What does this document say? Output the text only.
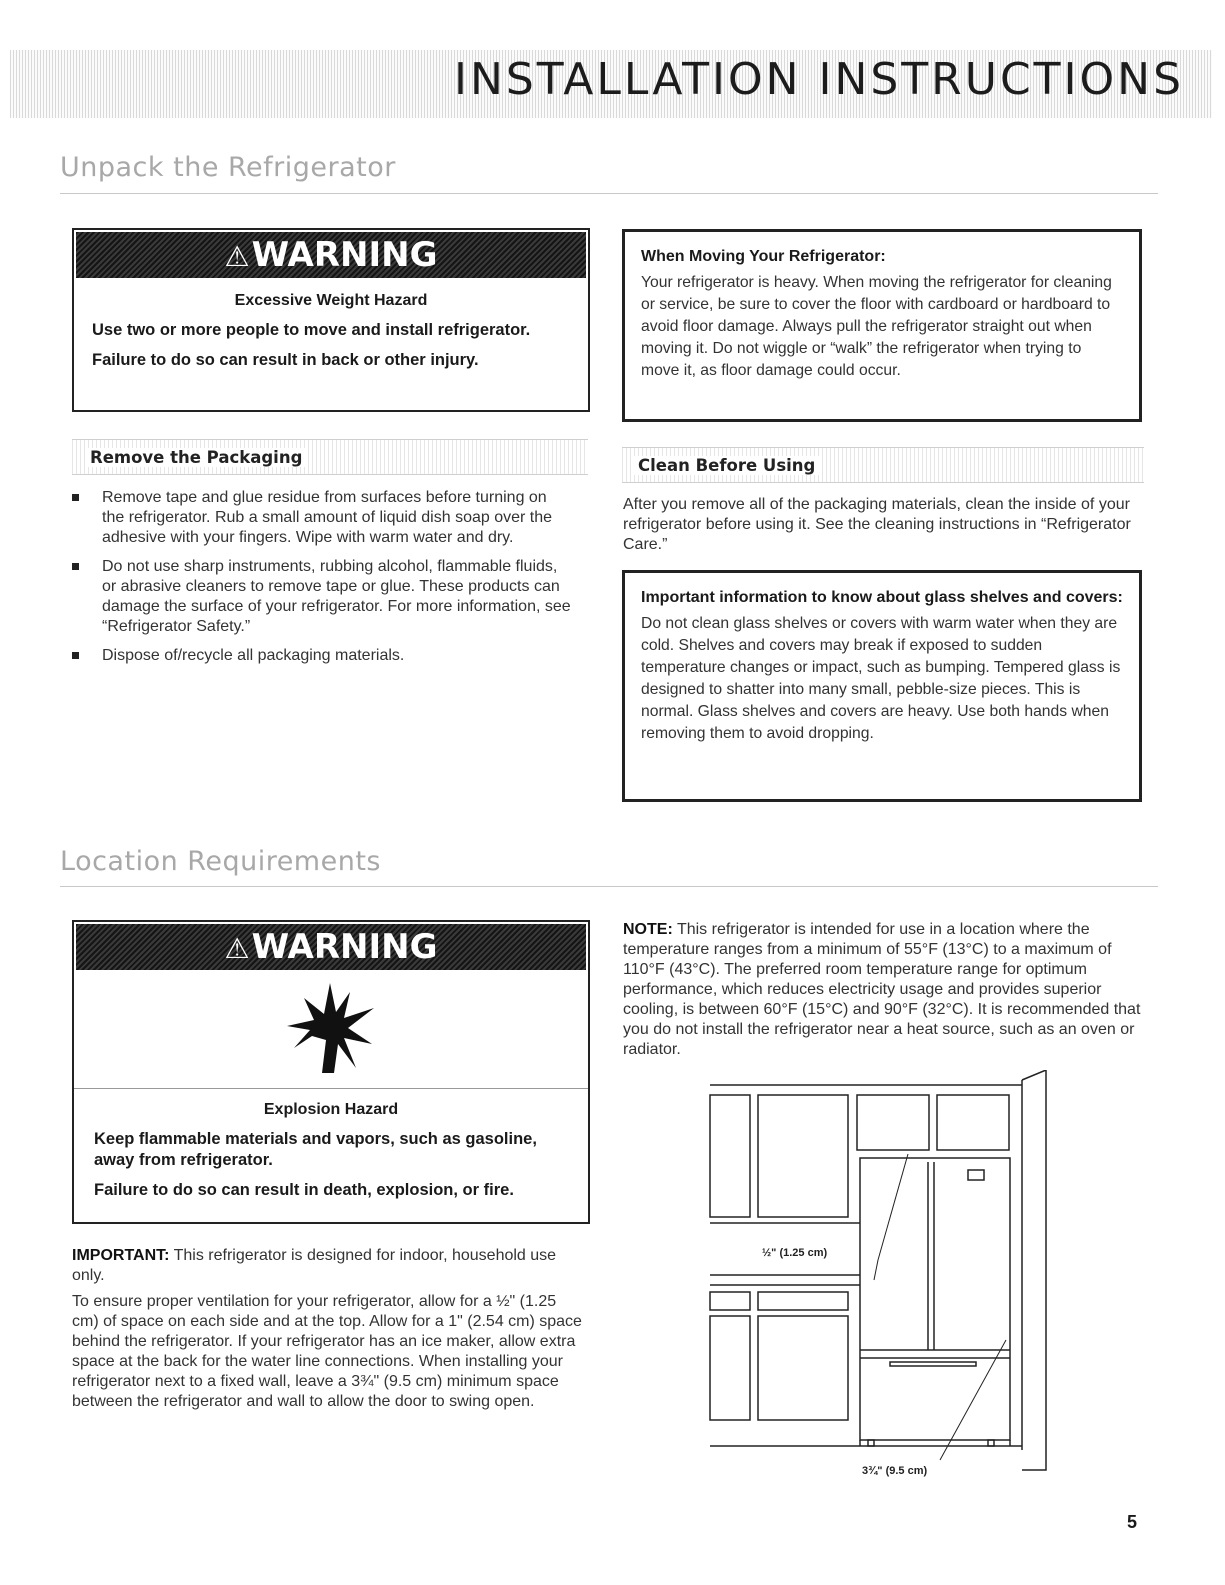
INSTALLATION INSTRUCTIONS
Unpack the Refrigerator
⚠WARNING

Excessive Weight Hazard

Use two or more people to move and install refrigerator.

Failure to do so can result in back or other injury.

When Moving Your Refrigerator:

Your refrigerator is heavy. When moving the refrigerator for cleaning or service, be sure to cover the floor with cardboard or hardboard to avoid floor damage. Always pull the refrigerator straight out when moving it. Do not wiggle or “walk” the refrigerator when trying to move it, as floor damage could occur.

Remove the Packaging
Remove tape and glue residue from surfaces before turning on the refrigerator. Rub a small amount of liquid dish soap over the adhesive with your fingers. Wipe with warm water and dry.
Do not use sharp instruments, rubbing alcohol, flammable fluids, or abrasive cleaners to remove tape or glue. These products can damage the surface of your refrigerator. For more information, see “Refrigerator Safety.”
Dispose of/recycle all packaging materials.
Clean Before Using

After you remove all of the packaging materials, clean the inside of your refrigerator before using it. See the cleaning instructions in “Refrigerator Care.”

Important information to know about glass shelves and covers:

Do not clean glass shelves or covers with warm water when they are cold. Shelves and covers may break if exposed to sudden temperature changes or impact, such as bumping. Tempered glass is designed to shatter into many small, pebble-size pieces. This is normal. Glass shelves and covers are heavy. Use both hands when removing them to avoid dropping.

Location Requirements
⚠WARNING

Explosion Hazard

Keep flammable materials and vapors, such as gasoline, away from refrigerator.

Failure to do so can result in death, explosion, or fire.

IMPORTANT: This refrigerator is designed for indoor, household use only.

To ensure proper ventilation for your refrigerator, allow for a ½" (1.25 cm) of space on each side and at the top. Allow for a 1" (2.54 cm) space behind the refrigerator. If your refrigerator has an ice maker, allow extra space at the back for the water line connections. When installing your refrigerator next to a fixed wall, leave a 3¾" (9.5 cm) minimum space between the refrigerator and wall to allow the door to swing open.

NOTE: This refrigerator is intended for use in a location where the temperature ranges from a minimum of 55°F (13°C) to a maximum of 110°F (43°C). The preferred room temperature range for optimum performance, which reduces electricity usage and provides superior cooling, is between 60°F (15°C) and 90°F (32°C). It is recommended that you do not install the refrigerator near a heat source, such as an oven or radiator.

½" (1.25 cm)
3¾" (9.5 cm)

5
